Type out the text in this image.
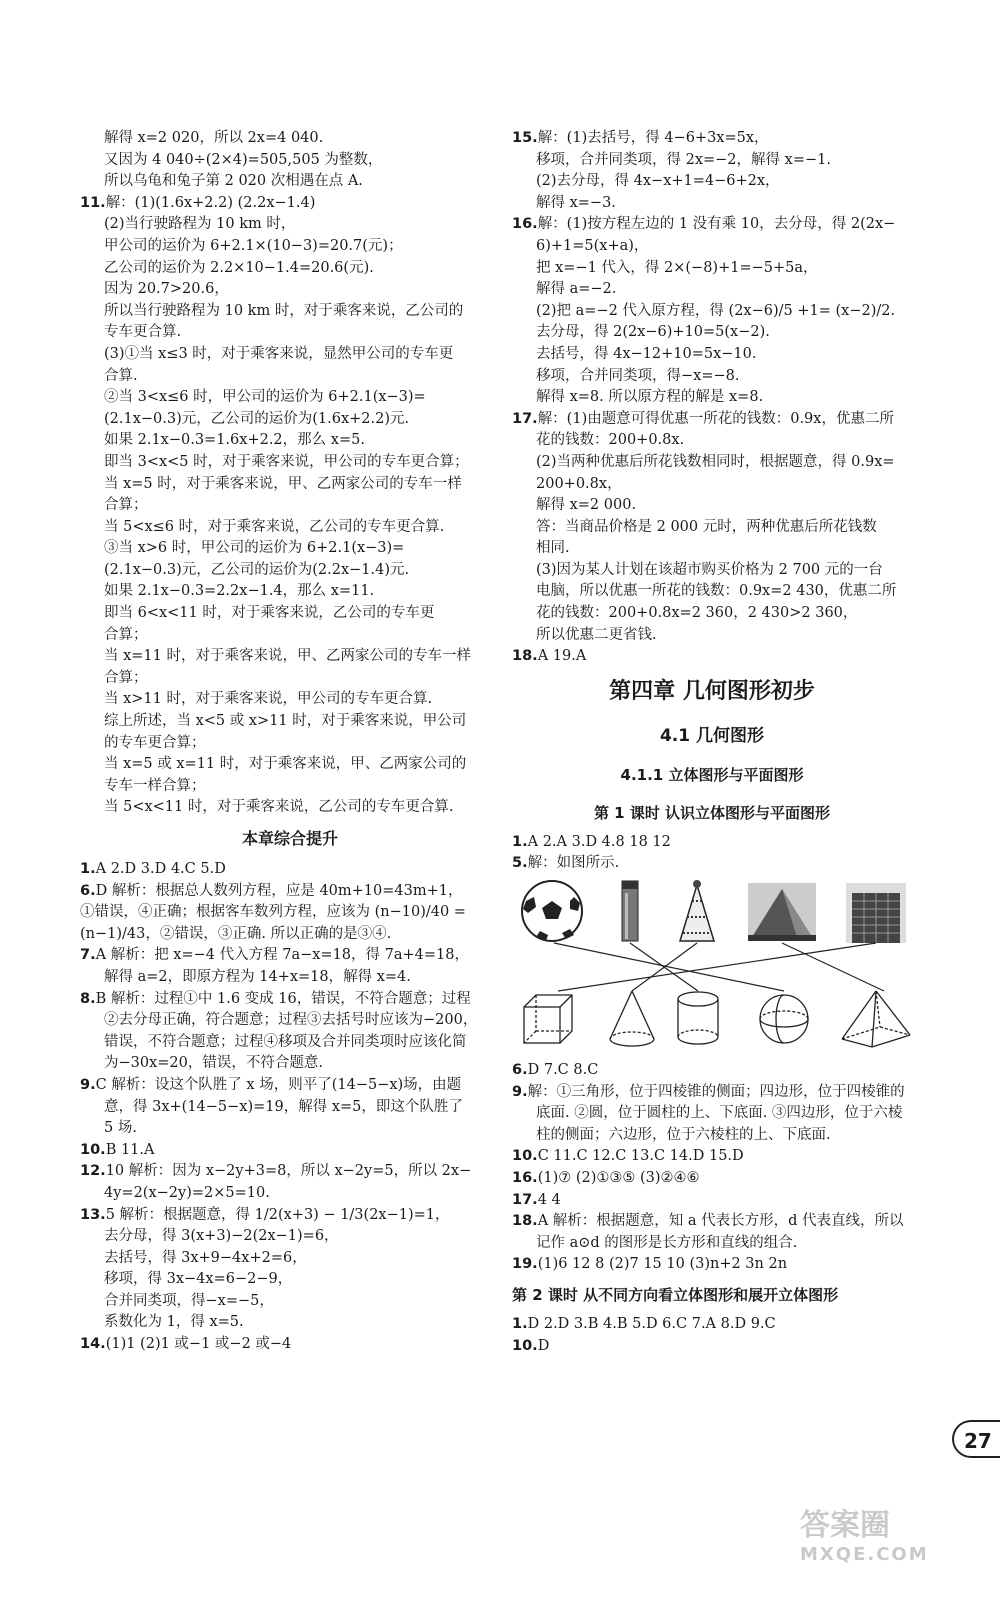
解得 x=2 020，所以 2x=4 040.
又因为 4 040÷(2×4)=505,505 为整数，
所以乌龟和兔子第 2 020 次相遇在点 A.
11.解：(1)(1.6x+2.2) (2.2x−1.4)
(2)当行驶路程为 10 km 时，
甲公司的运价为 6+2.1×(10−3)=20.7(元)；
乙公司的运价为 2.2×10−1.4=20.6(元).
因为 20.7>20.6，
所以当行驶路程为 10 km 时，对于乘客来说，乙公司的
专车更合算.
(3)①当 x≤3 时，对于乘客来说，显然甲公司的专车更
合算.
②当 3<x≤6 时，甲公司的运价为 6+2.1(x−3)=
(2.1x−0.3)元，乙公司的运价为(1.6x+2.2)元.
如果 2.1x−0.3=1.6x+2.2，那么 x=5.
即当 3<x<5 时，对于乘客来说，甲公司的专车更合算；
当 x=5 时，对于乘客来说，甲、乙两家公司的专车一样
合算；
当 5<x≤6 时，对于乘客来说，乙公司的专车更合算.
③当 x>6 时，甲公司的运价为 6+2.1(x−3)=
(2.1x−0.3)元，乙公司的运价为(2.2x−1.4)元.
如果 2.1x−0.3=2.2x−1.4，那么 x=11.
即当 6<x<11 时，对于乘客来说，乙公司的专车更
合算；
当 x=11 时，对于乘客来说，甲、乙两家公司的专车一样
合算；
当 x>11 时，对于乘客来说，甲公司的专车更合算.
综上所述，当 x<5 或 x>11 时，对于乘客来说，甲公司
的专车更合算；
当 x=5 或 x=11 时，对于乘客来说，甲、乙两家公司的
专车一样合算；
当 5<x<11 时，对于乘客来说，乙公司的专车更合算.
本章综合提升
1.A 2.D 3.D 4.C 5.D
6.D 解析：根据总人数列方程，应是 40m+10=43m+1，
①错误，④正确；根据客车数列方程，应该为 (n−10)/40 =
(n−1)/43，②错误，③正确. 所以正确的是③④.
7.A 解析：把 x=−4 代入方程 7a−x=18，得 7a+4=18，
解得 a=2，即原方程为 14+x=18，解得 x=4.
8.B 解析：过程①中 1.6 变成 16，错误，不符合题意；过程
②去分母正确，符合题意；过程③去括号时应该为−200，
错误，不符合题意；过程④移项及合并同类项时应该化简
为−30x=20，错误，不符合题意.
9.C 解析：设这个队胜了 x 场，则平了(14−5−x)场，由题
意，得 3x+(14−5−x)=19，解得 x=5，即这个队胜了
5 场.
10.B 11.A
12.10 解析：因为 x−2y+3=8，所以 x−2y=5，所以 2x−
4y=2(x−2y)=2×5=10.
13.5 解析：根据题意，得 1/2(x+3) − 1/3(2x−1)=1，
去分母，得 3(x+3)−2(2x−1)=6，
去括号，得 3x+9−4x+2=6，
移项，得 3x−4x=6−2−9，
合并同类项，得−x=−5，
系数化为 1，得 x=5.
14.(1)1 (2)1 或−1 或−2 或−4
15.解：(1)去括号，得 4−6+3x=5x，
移项，合并同类项，得 2x=−2，解得 x=−1.
(2)去分母，得 4x−x+1=4−6+2x，
解得 x=−3.
16.解：(1)按方程左边的 1 没有乘 10，去分母，得 2(2x−
6)+1=5(x+a)，
把 x=−1 代入，得 2×(−8)+1=−5+5a，
解得 a=−2.
(2)把 a=−2 代入原方程，得 (2x−6)/5 +1= (x−2)/2.
去分母，得 2(2x−6)+10=5(x−2).
去括号，得 4x−12+10=5x−10.
移项，合并同类项，得−x=−8.
解得 x=8. 所以原方程的解是 x=8.
17.解：(1)由题意可得优惠一所花的钱数：0.9x，优惠二所
花的钱数：200+0.8x.
(2)当两种优惠后所花钱数相同时，根据题意，得 0.9x=
200+0.8x，
解得 x=2 000.
答：当商品价格是 2 000 元时，两种优惠后所花钱数
相同.
(3)因为某人计划在该超市购买价格为 2 700 元的一台
电脑，所以优惠一所花的钱数：0.9x=2 430，优惠二所
花的钱数：200+0.8x=2 360，2 430>2 360，
所以优惠二更省钱.
18.A 19.A
第四章 几何图形初步
4.1 几何图形
4.1.1 立体图形与平面图形
第 1 课时 认识立体图形与平面图形
1.A 2.A 3.D 4.8 18 12
5.解：如图所示.
6.D 7.C 8.C
9.解：①三角形，位于四棱锥的侧面；四边形，位于四棱锥的
底面. ②圆，位于圆柱的上、下底面. ③四边形，位于六棱
柱的侧面；六边形，位于六棱柱的上、下底面.
10.C 11.C 12.C 13.C 14.D 15.D
16.(1)⑦ (2)①③⑤ (3)②④⑥
17.4 4
18.A 解析：根据题意，知 a 代表长方形，d 代表直线，所以
记作 a⊙d 的图形是长方形和直线的组合.
19.(1)6 12 8 (2)7 15 10 (3)n+2 3n 2n
第 2 课时 从不同方向看立体图形和展开立体图形
1.D 2.D 3.B 4.B 5.D 6.C 7.A 8.D 9.C
10.D
27
答案圈
MXQE.COM
